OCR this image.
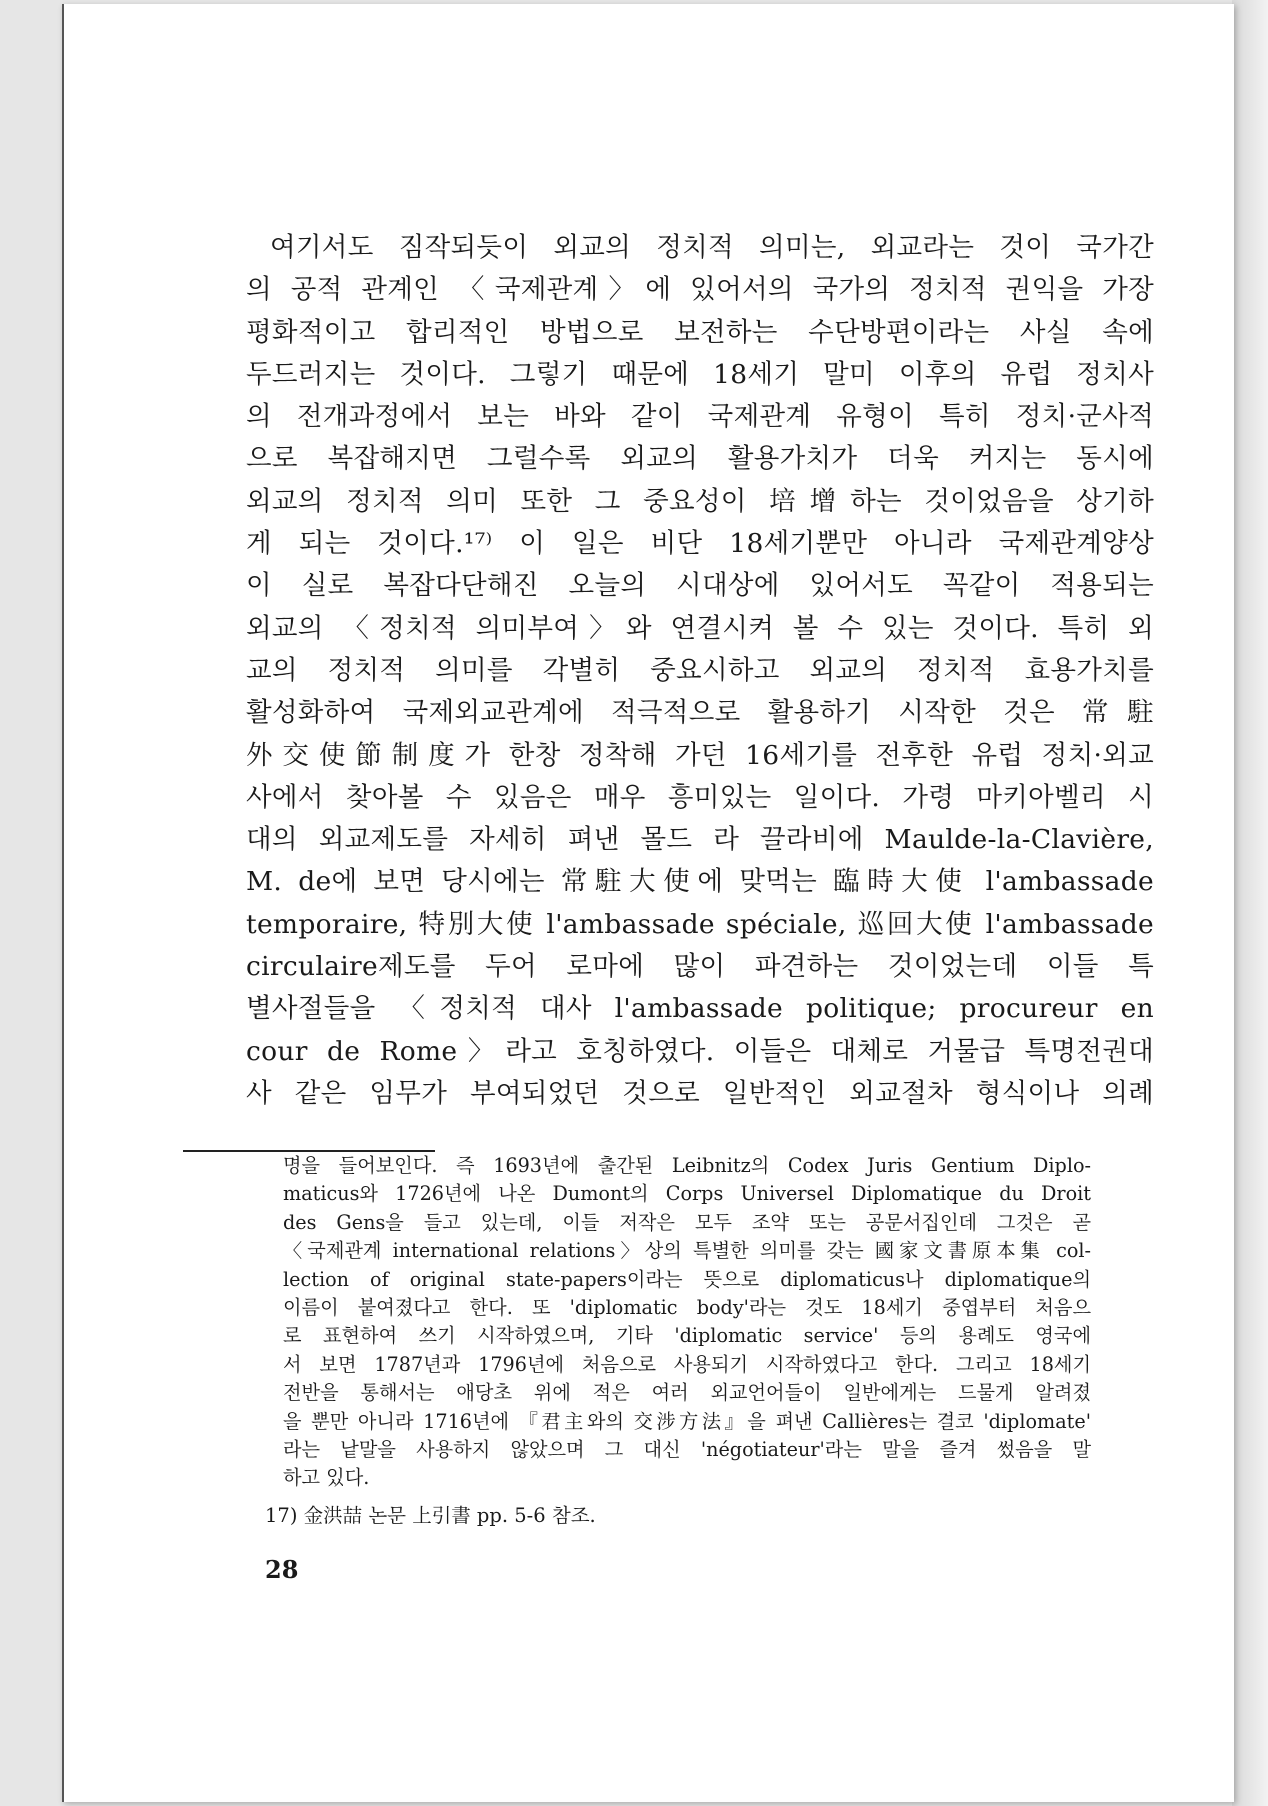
여기서도 짐작되듯이 외교의 정치적 의미는, 외교라는 것이 국가간
의 공적 관계인 〈국제관계〉에 있어서의 국가의 정치적 권익을 가장
평화적이고 합리적인 방법으로 보전하는 수단방편이라는 사실 속에
두드러지는 것이다. 그렇기 때문에 18세기 말미 이후의 유럽 정치사
의 전개과정에서 보는 바와 같이 국제관계 유형이 특히 정치·군사적
으로 복잡해지면 그럴수록 외교의 활용가치가 더욱 커지는 동시에
외교의 정치적 의미 또한 그 중요성이 培增하는 것이었음을 상기하
게 되는 것이다.¹⁷⁾ 이 일은 비단 18세기뿐만 아니라 국제관계양상
이 실로 복잡다단해진 오늘의 시대상에 있어서도 꼭같이 적용되는
외교의 〈정치적 의미부여〉와 연결시켜 볼 수 있는 것이다. 특히 외
교의 정치적 의미를 각별히 중요시하고 외교의 정치적 효용가치를
활성화하여 국제외교관계에 적극적으로 활용하기 시작한 것은 常駐
外交使節制度가 한창 정착해 가던 16세기를 전후한 유럽 정치·외교
사에서 찾아볼 수 있음은 매우 흥미있는 일이다. 가령 마키아벨리 시
대의 외교제도를 자세히 펴낸 몰드 라 끌라비에 Maulde-la-Clavière,
M. de에 보면 당시에는 常駐大使에 맞먹는 臨時大使 l'ambassade
temporaire, 特別大使 l'ambassade spéciale, 巡回大使 l'ambassade
circulaire제도를 두어 로마에 많이 파견하는 것이었는데 이들 특
별사절들을 〈정치적 대사 l'ambassade politique; procureur en
cour de Rome〉라고 호칭하였다. 이들은 대체로 거물급 특명전권대
사 같은 임무가 부여되었던 것으로 일반적인 외교절차 형식이나 의례
명을 들어보인다. 즉 1693년에 출간된 Leibnitz의 Codex Juris Gentium Diplo-
maticus와 1726년에 나온 Dumont의 Corps Universel Diplomatique du Droit
des Gens을 들고 있는데, 이들 저작은 모두 조약 또는 공문서집인데 그것은 곧
〈국제관계 international relations〉상의 특별한 의미를 갖는 國家文書原本集 col-
lection of original state-papers이라는 뜻으로 diplomaticus나 diplomatique의
이름이 붙여졌다고 한다. 또 'diplomatic body'라는 것도 18세기 중엽부터 처음으
로 표현하여 쓰기 시작하였으며, 기타 'diplomatic service' 등의 용례도 영국에
서 보면 1787년과 1796년에 처음으로 사용되기 시작하였다고 한다. 그리고 18세기
전반을 통해서는 애당초 위에 적은 여러 외교언어들이 일반에게는 드물게 알려졌
을 뿐만 아니라 1716년에 『君主와의 交涉方法』을 펴낸 Callières는 결코 'diplomate'
라는 낱말을 사용하지 않았으며 그 대신 'négotiateur'라는 말을 즐겨 썼음을 말
하고 있다.
17) 金洪喆 논문 上引書 pp. 5-6 참조.
28
